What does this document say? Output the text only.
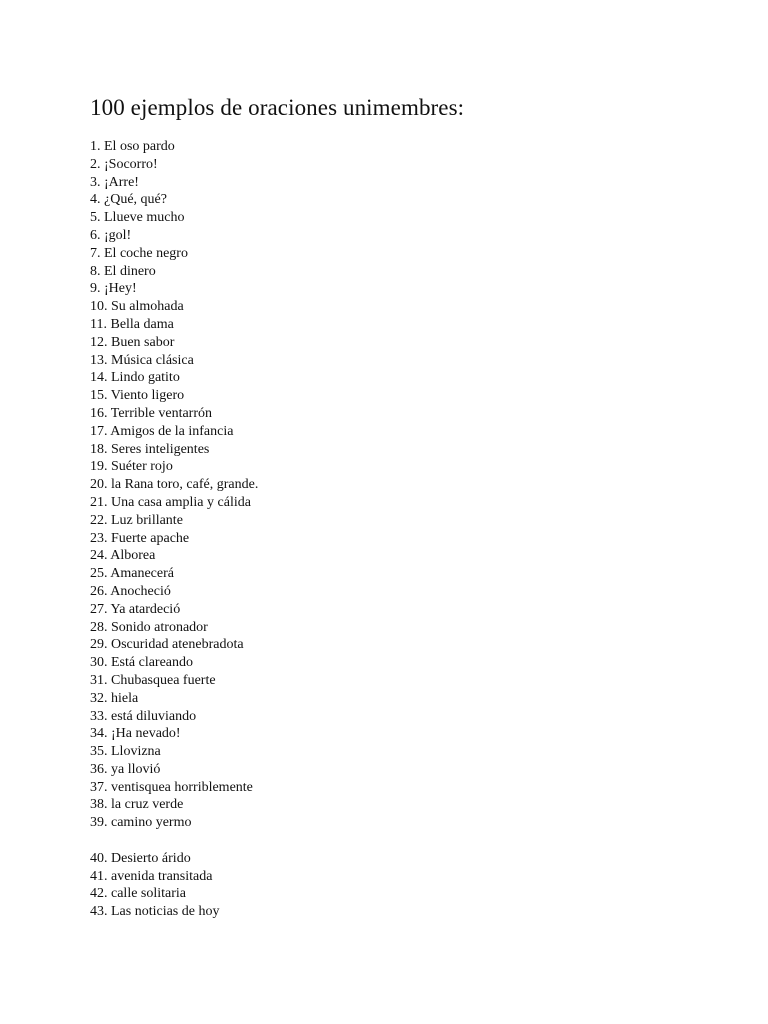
100 ejemplos de oraciones unimembres:
1. El oso pardo
2. ¡Socorro!
3. ¡Arre!
4. ¿Qué, qué?
5. Llueve mucho
6. ¡gol!
7. El coche negro
8. El dinero
9. ¡Hey!
10. Su almohada
11. Bella dama
12. Buen sabor
13. Música clásica
14. Lindo gatito
15. Viento ligero
16. Terrible ventarrón
17. Amigos de la infancia
18. Seres inteligentes
19. Suéter rojo
20. la Rana toro, café, grande.
21. Una casa amplia y cálida
22. Luz brillante
23. Fuerte apache
24. Alborea
25. Amanecerá
26. Anocheció
27. Ya atardeció
28. Sonido atronador
29. Oscuridad atenebradota
30. Está clareando
31. Chubasquea fuerte
32. hiela
33. está diluviando
34. ¡Ha nevado!
35. Llovizna
36. ya llovió
37. ventisquea horriblemente
38. la cruz verde
39. camino yermo
40. Desierto árido
41. avenida transitada
42. calle solitaria
43. Las noticias de hoy
